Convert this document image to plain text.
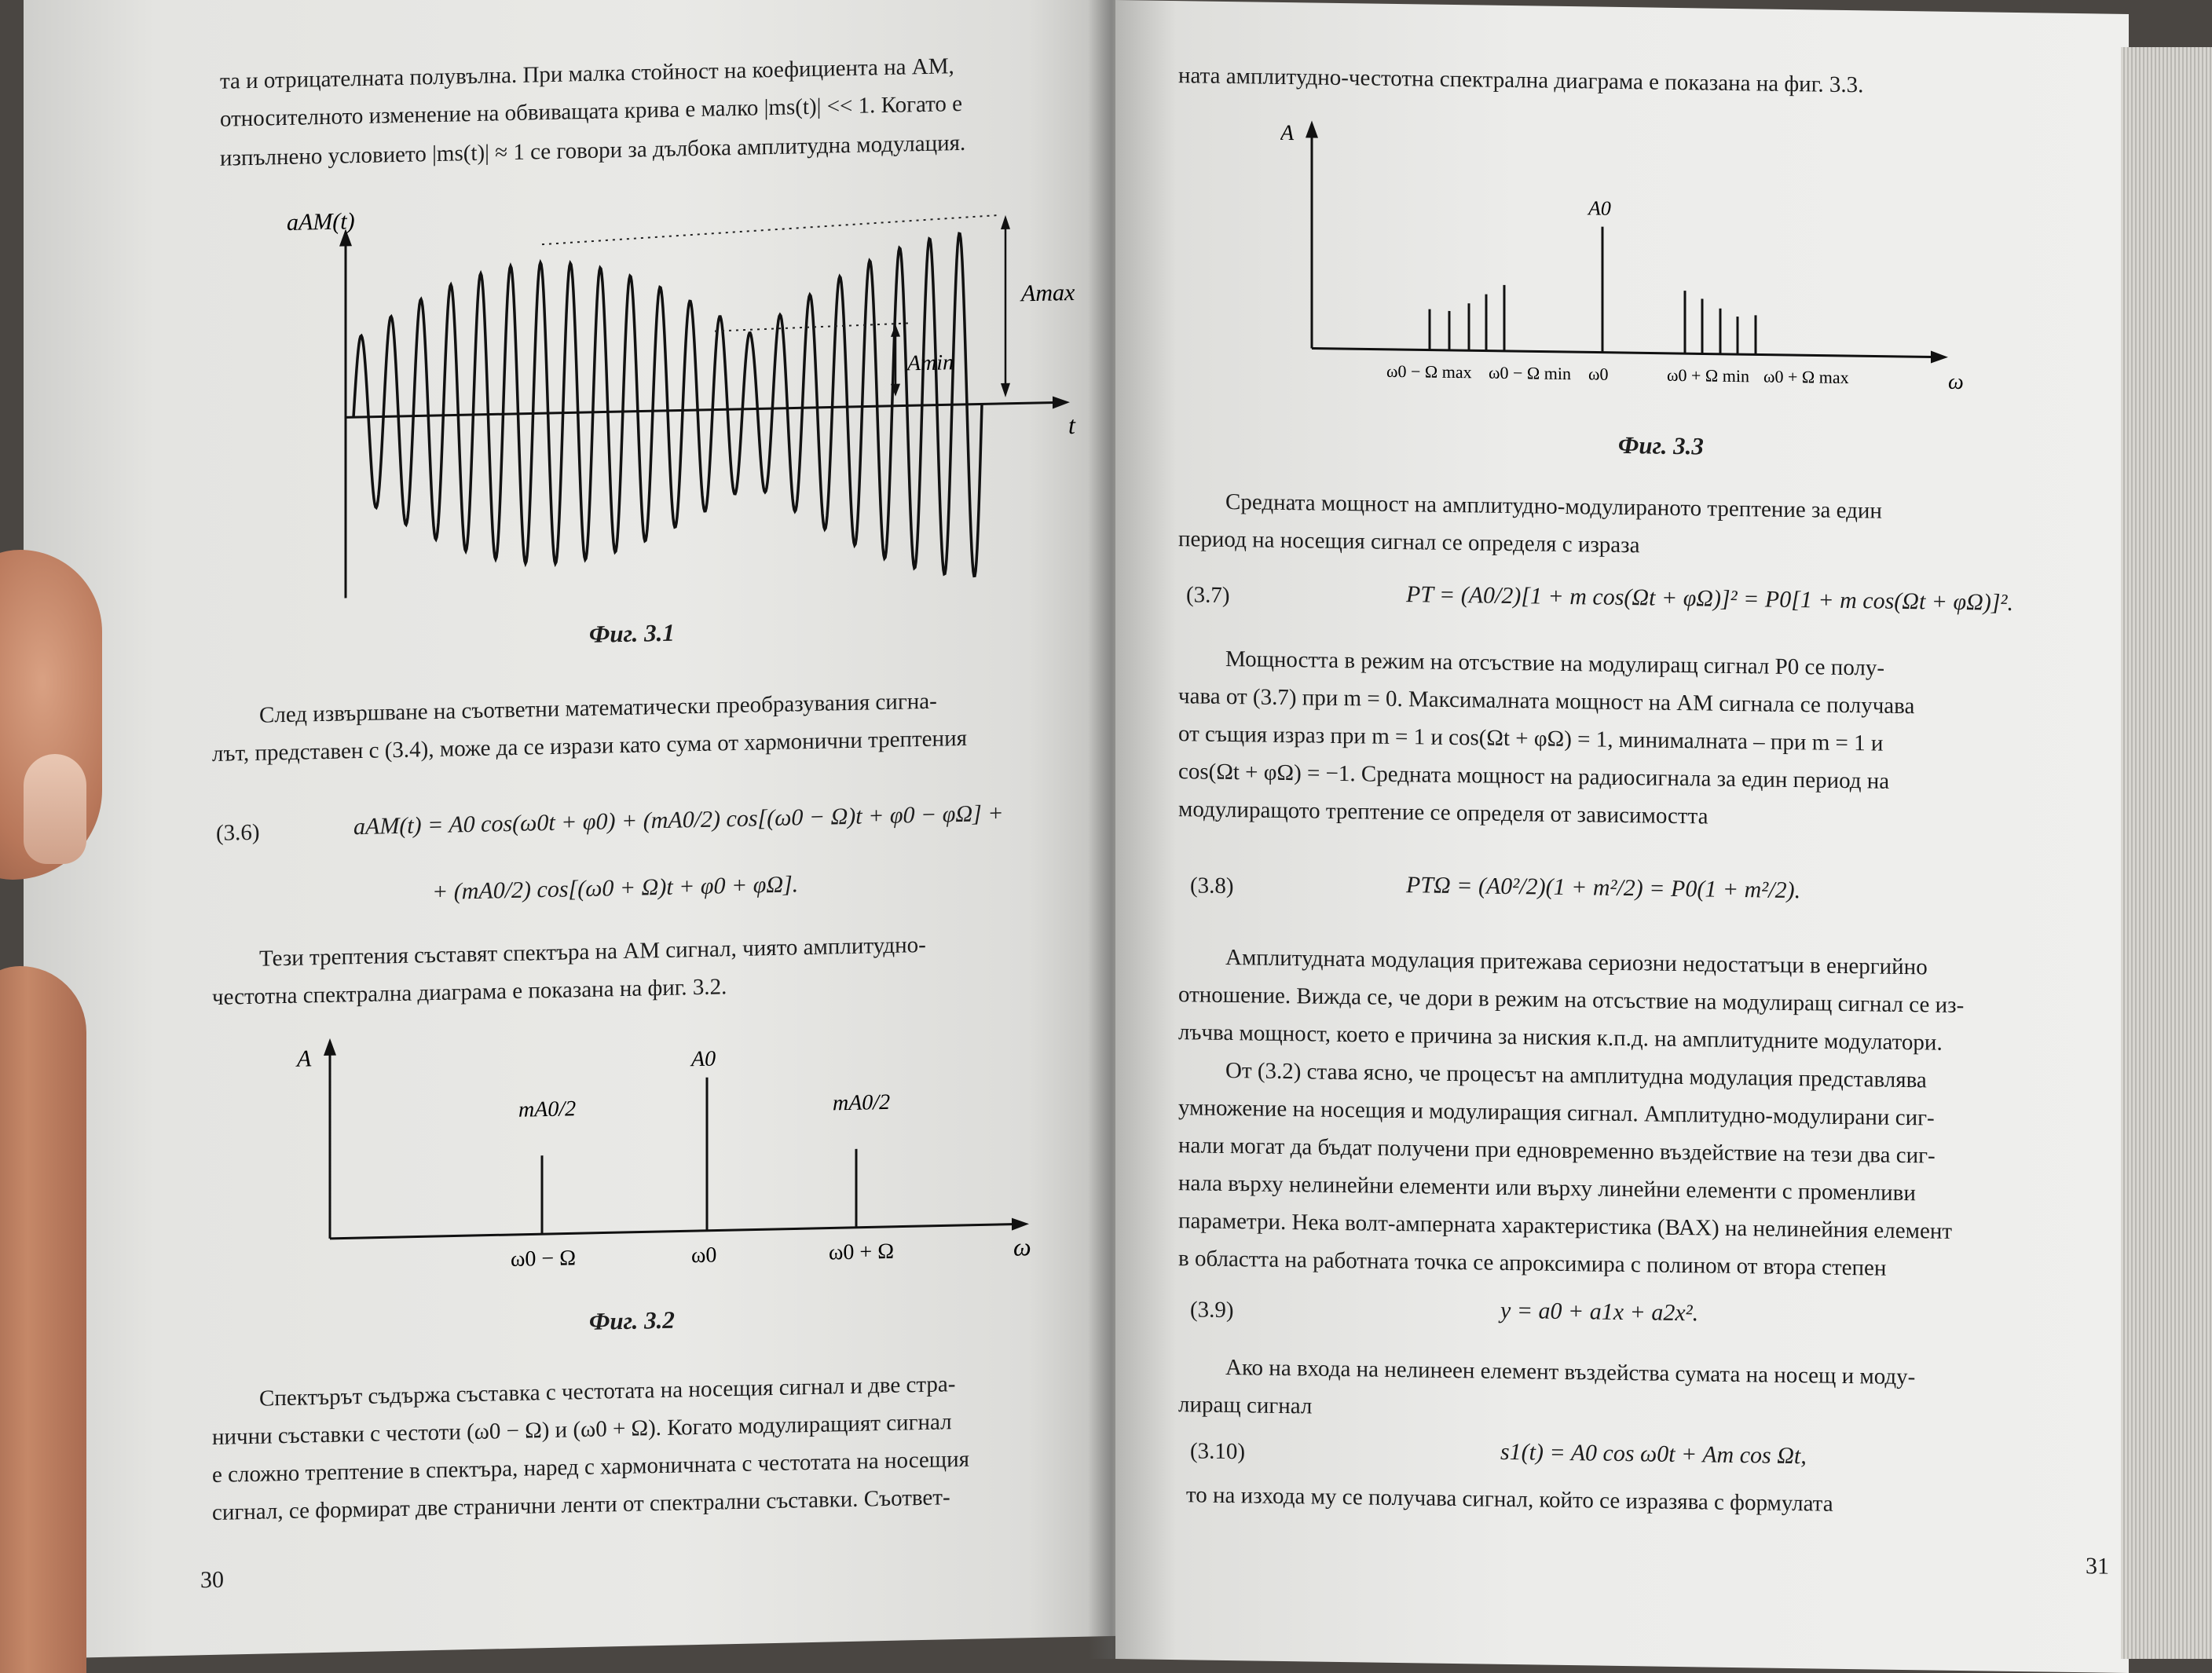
та и отрицателната полувълна. При малка стойност на коефициента на АМ,
относителното изменение на обвиващата крива е малко |ms(t)| << 1. Когато е
изпълнено условието |ms(t)| ≈ 1 се говори за дълбока амплитудна модулация.
aAM(t)
t
Amax
Amin
Фиг. 3.1
След извършване на съответни математически преобразувания сигна-
лът, представен с (3.4), може да се изрази като сума от хармонични трептения
(3.6)	aAM(t) = A0 cos(ω0t + φ0) + (mA0/2) cos[(ω0 − Ω)t + φ0 − φΩ] +
+ (mA0/2) cos[(ω0 + Ω)t + φ0 + φΩ].
Тези трептения съставят спектъра на АМ сигнал, чиято амплитудно-
честотна спектрална диаграма е показана на фиг. 3.2.
A
ω
mA0/2
A0
mA0/2
ω0 − Ω	ω0	ω0 + Ω
Фиг. 3.2
Спектърът съдържа съставка с честотата на носещия сигнал и две стра-
нични съставки с честоти (ω0 − Ω) и (ω0 + Ω). Когато модулиращият сигнал
е сложно трептение в спектъра, наред с хармоничната с честотата на носещия
сигнал, се формират две странични ленти от спектрални съставки. Съответ-
30
ната амплитудно-честотна спектрална диаграма е показана на фиг. 3.3.
A
A0
ω
ω0 − Ω max ω0 − Ω min ω0	ω0 + Ω min ω0 + Ω max
Фиг. 3.3
Средната мощност на амплитудно-модулираното трептение за един
период на носещия сигнал се определя с израза
(3.7)	PT = (A0/2)[1 + m cos(Ωt + φΩ)]² = P0[1 + m cos(Ωt + φΩ)]².
Мощността в режим на отсъствие на модулиращ сигнал P0 се полу-
чава от (3.7) при m = 0. Максималната мощност на АМ сигнала се получава
от същия израз при m = 1 и cos(Ωt + φΩ) = 1, минималната – при m = 1 и
cos(Ωt + φΩ) = −1. Средната мощност на радиосигнала за един период на
модулиращото трептение се определя от зависимостта
(3.8)	PTΩ = (A0²/2)(1 + m²/2) = P0(1 + m²/2).
Амплитудната модулация притежава сериозни недостатъци в енергийно
отношение. Вижда се, че дори в режим на отсъствие на модулиращ сигнал се из-
лъчва мощност, което е причина за ниския к.п.д. на амплитудните модулатори.
От (3.2) става ясно, че процесът на амплитудна модулация представлява
умножение на носещия и модулиращия сигнал. Амплитудно-модулирани сиг-
нали могат да бъдат получени при едновременно въздействие на тези два сиг-
нала върху нелинейни елементи или върху линейни елементи с променливи
параметри. Нека волт-амперната характеристика (ВАХ) на нелинейния елемент
в областта на работната точка се апроксимира с полином от втора степен
(3.9)	y = a0 + a1x + a2x².
Ако на входа на нелинеен елемент въздейства сумата на носещ и моду-
лиращ сигнал
(3.10)	s1(t) = A0 cos ω0t + Am cos Ωt,
то на изхода му се получава сигнал, който се изразява с формулата
31
